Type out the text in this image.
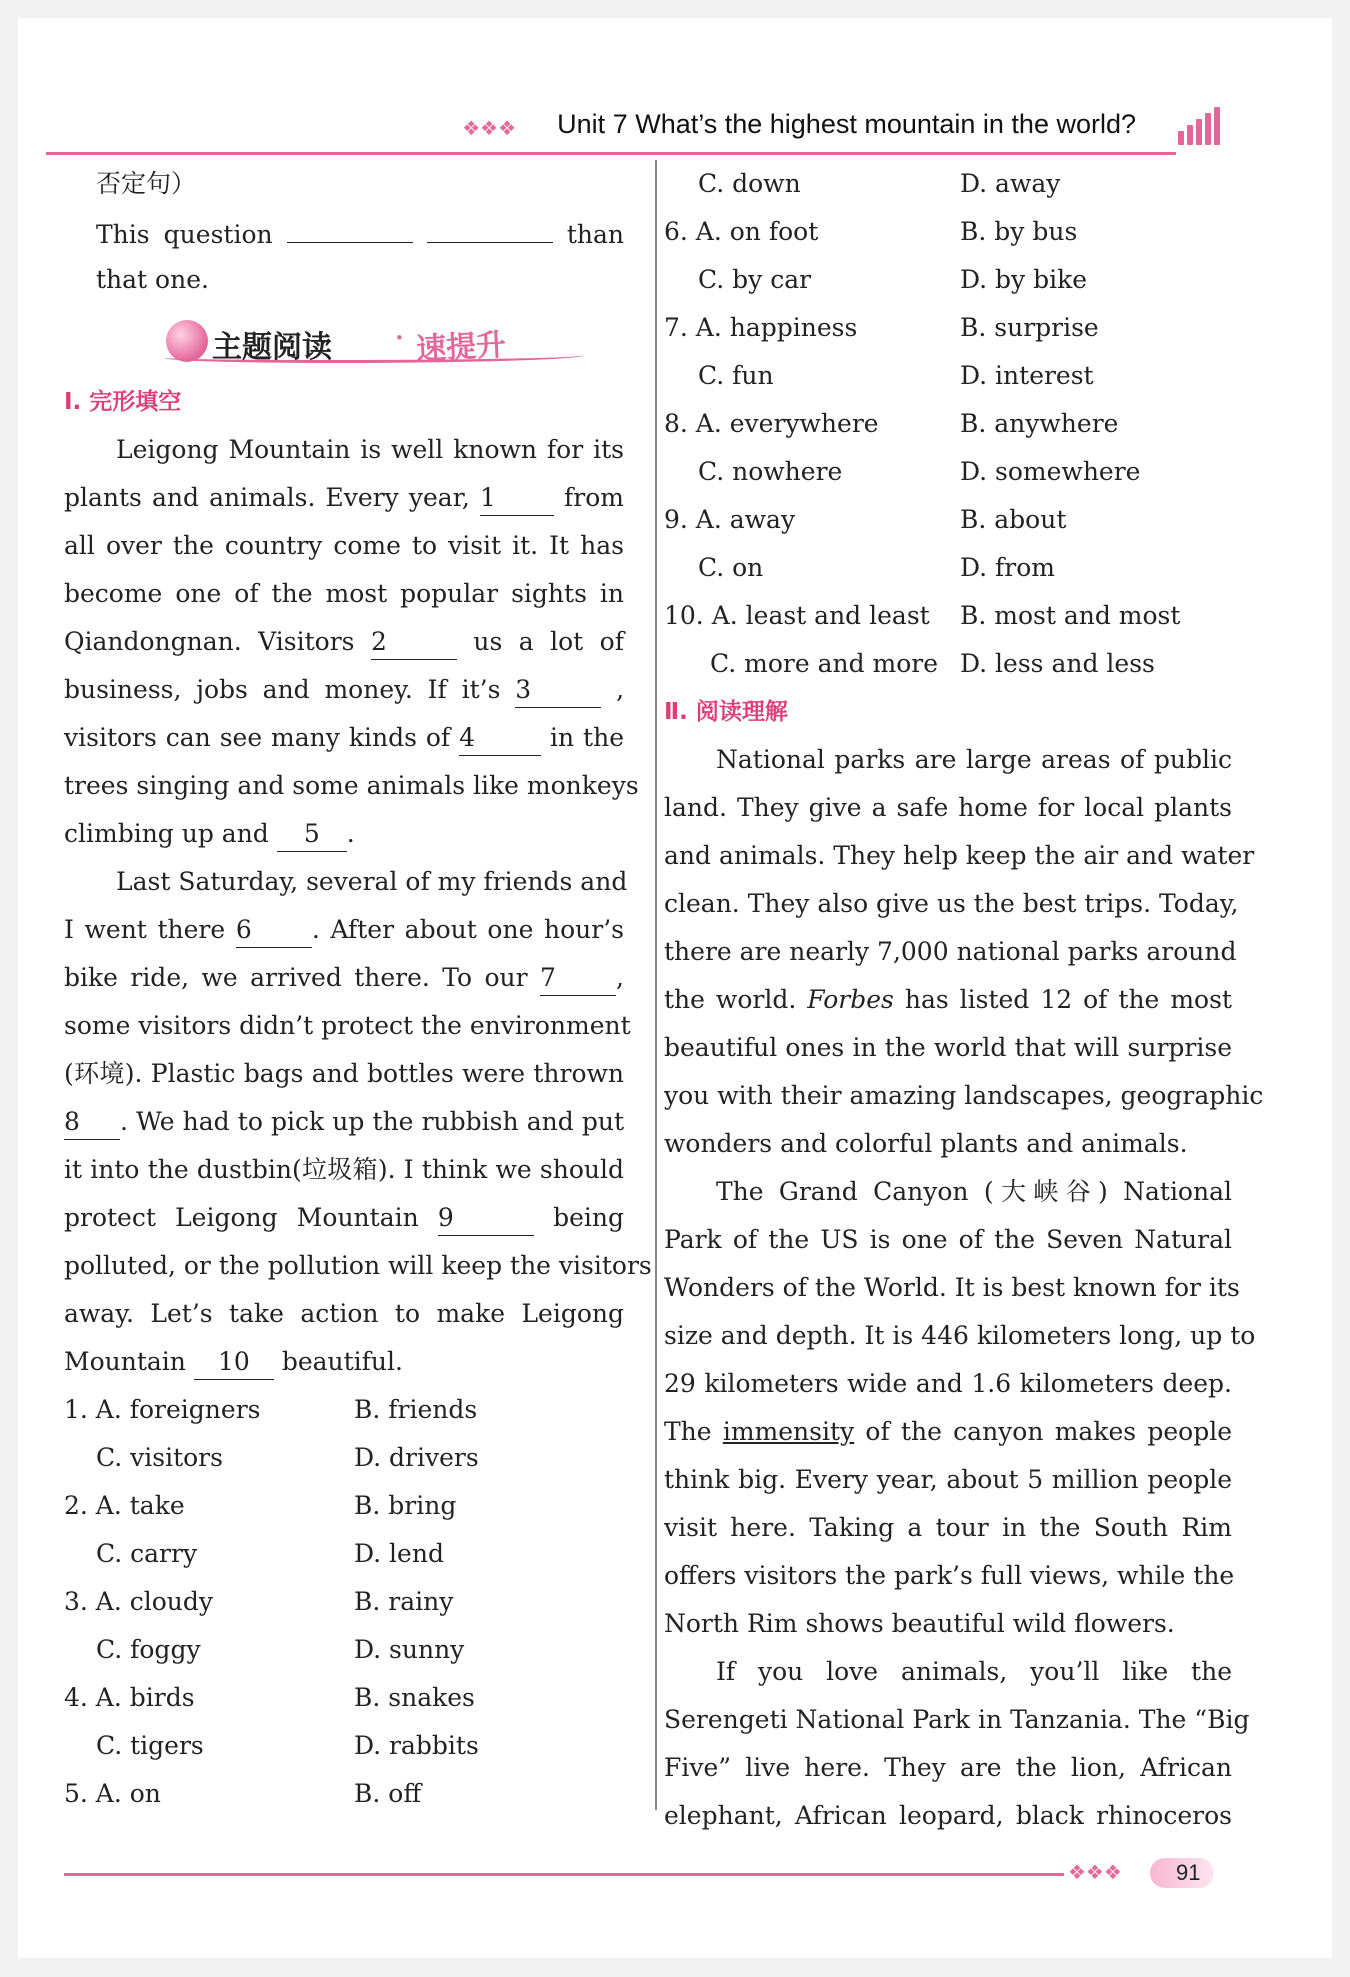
❖❖❖ Unit 7 What’s the highest mountain in the world?
否定句）
This question	than
that one.
主题阅读 · 速提升
Ⅰ. 完形填空
Leigong Mountain is well known for its
plants and animals. Every year, 1	from
all over the country come to visit it. It has
become one of the most popular sights in
Qiandongnan. Visitors 2	us a lot of
business, jobs and money. If it’s 3	,
visitors can see many kinds of 4	in the
trees singing and some animals like monkeys
climbing up and 5 .
Last Saturday, several of my friends and
I went there 6 . After about one hour’s
bike ride, we arrived there. To our 7 ,
some visitors didn’t protect the environment
(环境). Plastic bags and bottles were thrown
8 . We had to pick up the rubbish and put
it into the dustbin(垃圾箱). I think we should
protect Leigong Mountain 9	being
polluted, or the pollution will keep the visitors
away. Let’s take action to make Leigong
Mountain 10 beautiful.
1. A. foreigners	B. friends
C. visitors	D. drivers
2. A. take	B. bring
C. carry	D. lend
3. A. cloudy	B. rainy
C. foggy	D. sunny
4. A. birds	B. snakes
C. tigers	D. rabbits
5. A. on	B. off
C. down	D. away
6. A. on foot	B. by bus
C. by car	D. by bike
7. A. happiness	B. surprise
C. fun	D. interest
8. A. everywhere	B. anywhere
C. nowhere	D. somewhere
9. A. away	B. about
C. on	D. from
10. A. least and least B. most and most
C. more and more D. less and less
Ⅱ. 阅读理解
National parks are large areas of public
land. They give a safe home for local plants
and animals. They help keep the air and water
clean. They also give us the best trips. Today,
there are nearly 7,000 national parks around
the world. Forbes has listed 12 of the most
beautiful ones in the world that will surprise
you with their amazing landscapes, geographic
wonders and colorful plants and animals.
The Grand Canyon (大峡谷) National
Park of the US is one of the Seven Natural
Wonders of the World. It is best known for its
size and depth. It is 446 kilometers long, up to
29 kilometers wide and 1.6 kilometers deep.
The immensity of the canyon makes people
think big. Every year, about 5 million people
visit here. Taking a tour in the South Rim
offers visitors the park’s full views, while the
North Rim shows beautiful wild flowers.
If you love animals, you’ll like the
Serengeti National Park in Tanzania. The “Big
Five” live here. They are the lion, African
elephant, African leopard, black rhinoceros
❖❖❖ 91
